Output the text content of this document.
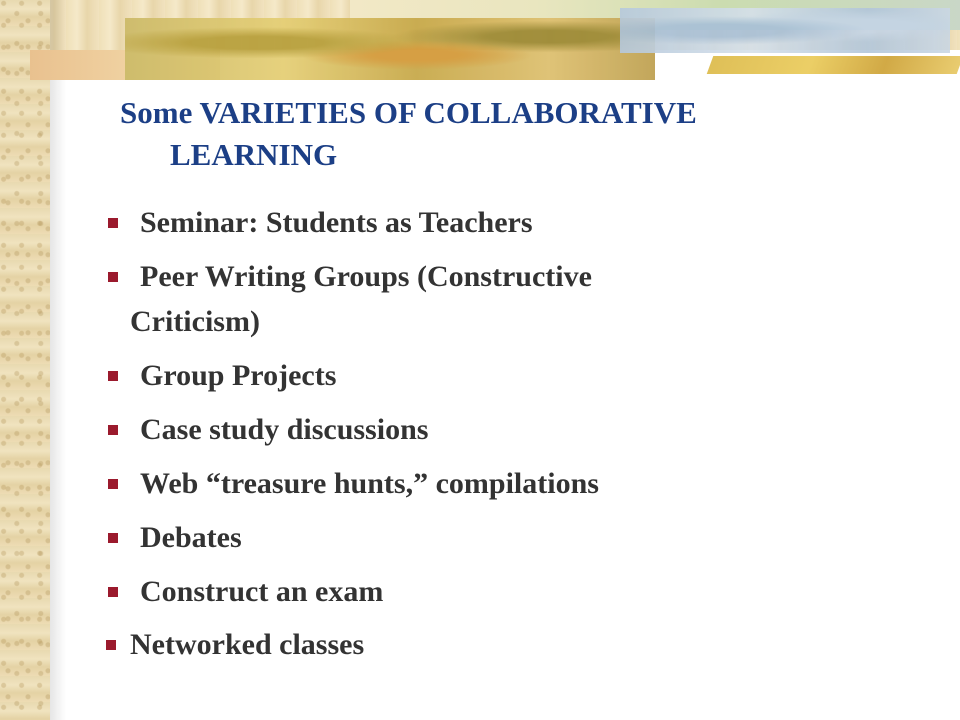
Some VARIETIES OF COLLABORATIVE
LEARNING
Seminar: Students as Teachers
Peer Writing Groups (Constructive
Criticism)
Group Projects
Case study discussions
Web “treasure hunts,” compilations
Debates
Construct an exam
Networked classes
